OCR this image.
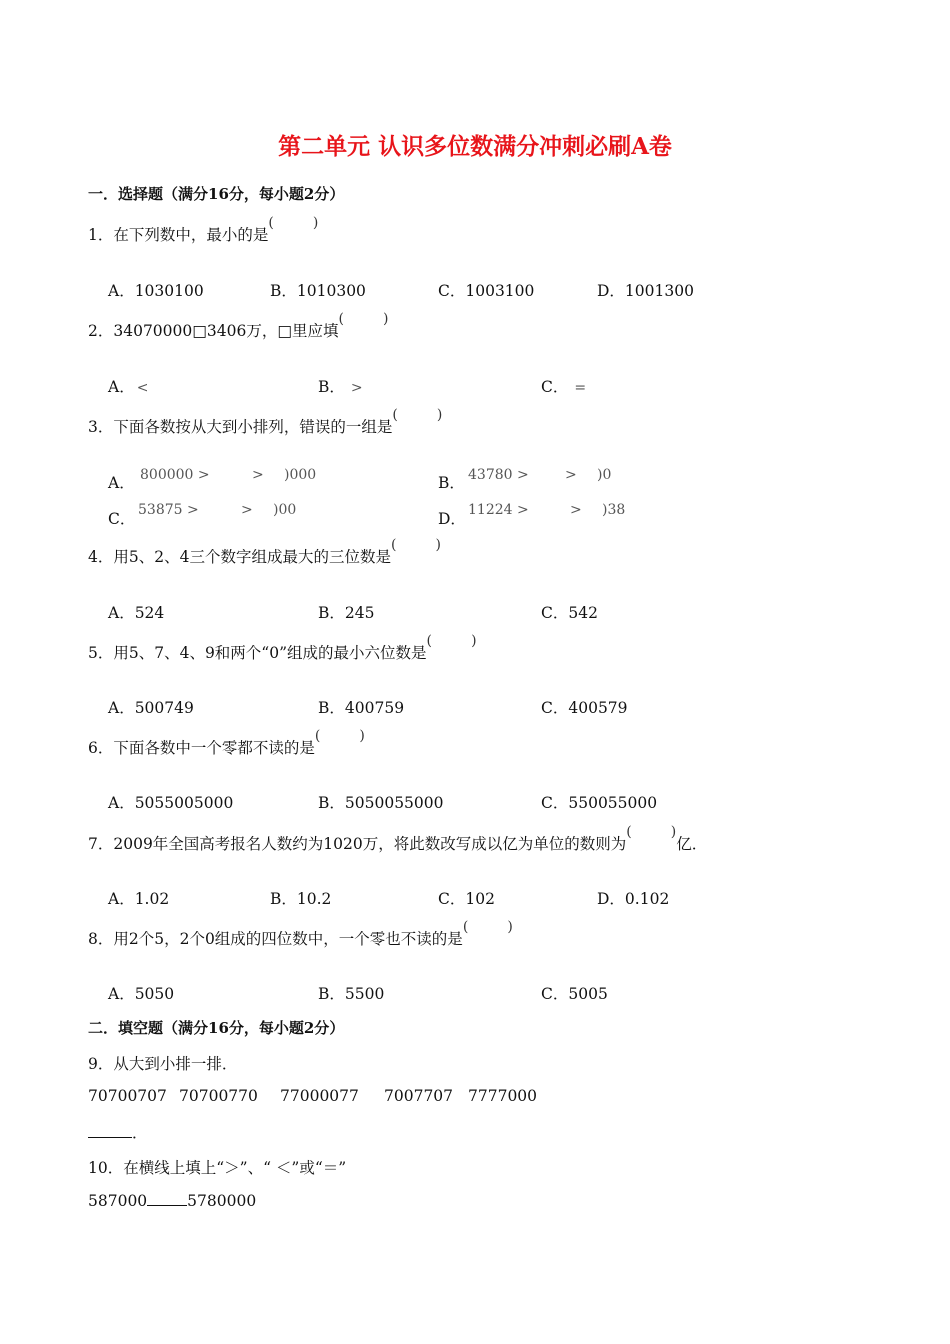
第二单元 认识多位数满分冲刺必刷A卷
一．选择题（满分16分，每小题2分）
1．在下列数中，最小的是
(	)
A．1030100	B．1010300	C．1003100	D．1001300
2．34070000□3406万，□里应填
(	)
A． <	B． >	C． =
3．下面各数按从大到小排列，错误的一组是
(	)
A． 800000 >	> )000	B． 43780 >	> )0
C． 53875 >	> )00	D． 11224 >	> )38
4．用5、2、4三个数字组成最大的三位数是
(	)
A．524	B．245	C．542
5．用5、7、4、9和两个“0”组成的最小六位数是
(	)
A．500749	B．400759	C．400579
6．下面各数中一个零都不读的是
(	)
A．5055005000	B．5050055000	C．550055000
7．2009年全国高考报名人数约为1020万，将此数改写成以亿为单位的数则为
(	)
亿．
A．1.02	B．10.2	C．102	D．0.102
8．用2个5，2个0组成的四位数中，一个零也不读的是
(	)
A．5050	B．5500	C．5005
二．填空题（满分16分，每小题2分）
9．从大到小排一排．
70700707 70700770 77000077 7007707 7777000
．
10．在横线上填上“＞”、“ ＜”或“＝”
587000	5780000
